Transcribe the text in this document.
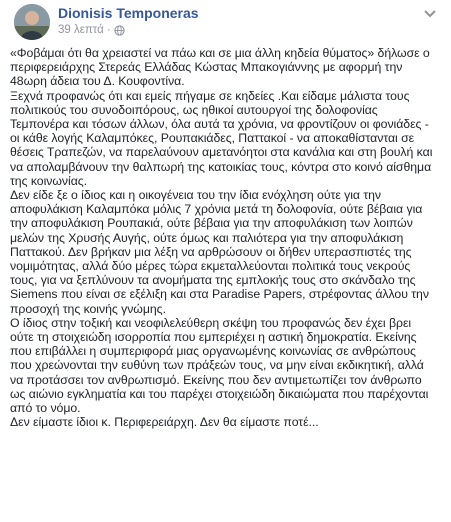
Dionisis Temponeras
39 λεπτά ·

«Φοβάμαι ότι θα χρειαστεί να πάω και σε μια άλλη κηδεία θύματος» δήλωσε ο
περιφερειάρχης Στερεάς Ελλάδας Κώστας Μπακογιάννης με αφορμή την
48ωρη άδεια του Δ. Κουφοντίνα.

Ξεχνά προφανώς ότι και εμείς πήγαμε σε κηδείες .Και είδαμε μάλιστα τους
πολιτικούς του συνοδοιπόρους, ως ηθικοί αυτουργοί της δολοφονίας
Τεμπονέρα και τόσων άλλων, όλα αυτά τα χρόνια, να φροντίζουν οι φονιάδες -
οι κάθε λογής Καλαμπόκες, Ρουπακιάδες, Παττακοί - να αποκαθίστανται σε
θέσεις Τραπεζών, να παρελαύνουν αμετανόητοι στα κανάλια και στη βουλή και
να απολαμβάνουν την θαλπωρή της κατοικίας τους, κόντρα στο κοινό αίσθημα
της κοινωνίας.

Δεν είδε ξε ο ίδιος και η οικογένεια του την ίδια ενόχληση ούτε για την
αποφυλάκιση Καλαμπόκα μόλις 7 χρόνια μετά τη δολοφονία, ούτε βέβαια για
την αποφυλάκιση Ρουπακιά, ούτε βέβαια για την αποφυλάκιση των λοιπών
μελών της Χρυσής Αυγής, ούτε όμως και παλιότερα για την αποφυλάκιση
Παττακού. Δεν βρήκαν μια λέξη να αρθρώσουν οι δήθεν υπερασπιστές της
νομιμότητας, αλλά δύο μέρες τώρα εκμεταλλεύονται πολιτικά τους νεκρούς
τους, για να ξεπλύνουν τα ανομήματα της εμπλοκής τους στο σκάνδαλο της
Siemens που είναι σε εξέλιξη και στα Paradise Papers, στρέφοντας άλλου την
προσοχή της κοινής γνώμης.

Ο ίδιος στην τοξική και νεοφιλελεύθερη σκέψη του προφανώς δεν έχει βρει
ούτε τη στοιχειώδη ισορροπία που εμπεριέχει η αστική δημοκρατία. Εκείνης
που επιβάλλει η συμπεριφορά μιας οργανωμένης κοινωνίας σε ανθρώπους
που χρεώνονται την ευθύνη των πράξεών τους, να μην είναι εκδικητική, αλλά
να προτάσσει τον ανθρωπισμό. Εκείνης που δεν αντιμετωπίζει τον άνθρωπο
ως αιώνιο εγκληματία και του παρέχει στοιχειώδη δικαιώματα που παρέχονται
από το νόμο.

Δεν είμαστε ίδιοι κ. Περιφερειάρχη. Δεν θα είμαστε ποτέ...
